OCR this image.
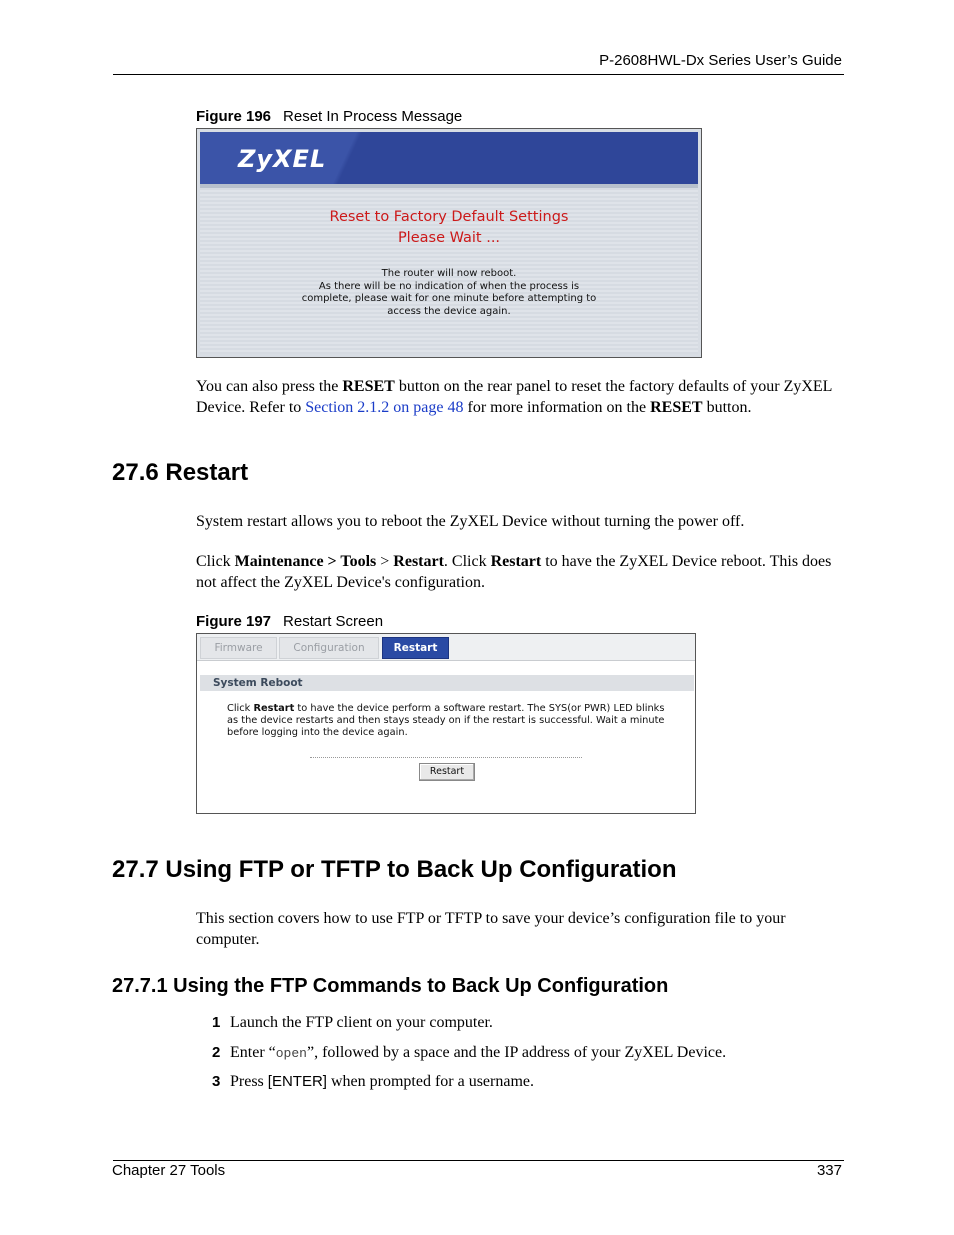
P-2608HWL-Dx Series User’s Guide
Figure 196 Reset In Process Message
ZyXEL
Reset to Factory Default Settings
Please Wait ...
The router will now reboot.
As there will be no indication of when the process is
complete, please wait for one minute before attempting to
access the device again.
You can also press the RESET button on the rear panel to reset the factory defaults of your ZyXEL Device. Refer to Section 2.1.2 on page 48 for more information on the RESET button.
27.6 Restart
System restart allows you to reboot the ZyXEL Device without turning the power off.
Click Maintenance > Tools > Restart. Click Restart to have the ZyXEL Device reboot. This does not affect the ZyXEL Device's configuration.
Figure 197 Restart Screen
Firmware	Configuration	Restart
System Reboot
Click Restart to have the device perform a software restart. The SYS(or PWR) LED blinks as the device restarts and then stays steady on if the restart is successful. Wait a minute before logging into the device again.
Restart
27.7 Using FTP or TFTP to Back Up Configuration
This section covers how to use FTP or TFTP to save your device’s configuration file to your computer.
27.7.1 Using the FTP Commands to Back Up Configuration
1 Launch the FTP client on your computer.
2 Enter “open”, followed by a space and the IP address of your ZyXEL Device.
3 Press [ENTER] when prompted for a username.
Chapter 27 Tools	337
